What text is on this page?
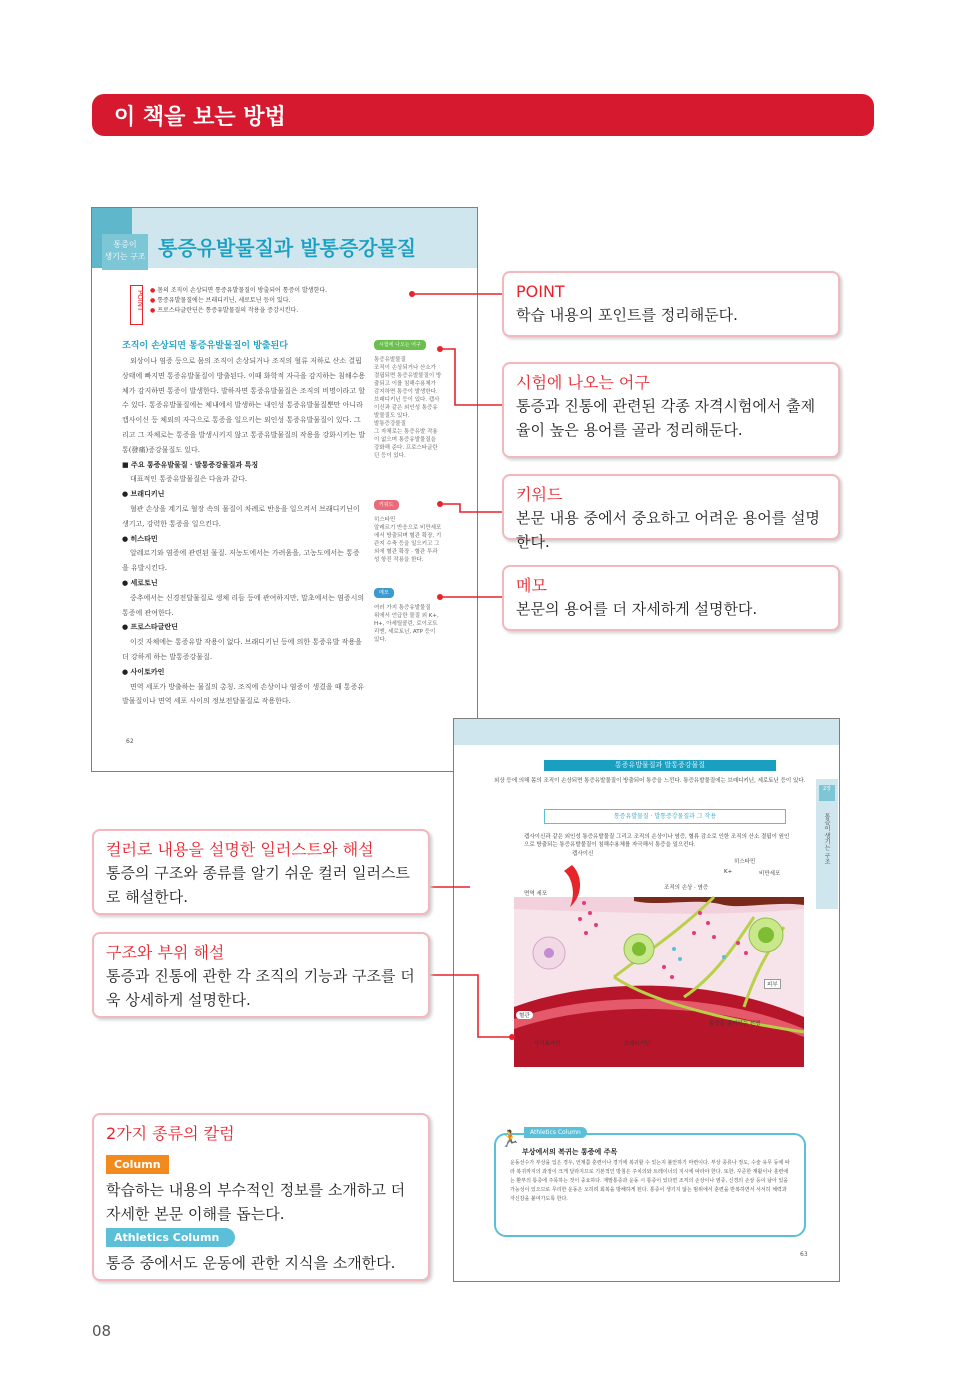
이 책을 보는 방법
통증이
생기는 구조 통증유발물질과 발통증강물질
POINT
●	몸의 조직이 손상되면 통증유발물질이 방출되어 통증이 발생한다.
● 통증유발물질에는 브래디키닌, 세로토닌 등이 있다.
● 프로스타글란딘은 통증유발물질의 작용을 증강시킨다.
조직이 손상되면 통증유발물질이 방출된다
외상이나 염증 등으로 몸의 조직이 손상되거나 조직의 혈류 저하로 산소 결핍 상태에 빠지면 통증유발물질이 방출된다. 이때 화학적 자극을 감지하는 침해수용체가 감지하면 통증이 발생한다. 발하자면 통증유발물질은 조직의 비명이라고 할 수 있다. 통증유발물질에는 체내에서 발생하는 내인성 통증유발물질뿐만 아니라 캡사이신 등 체외의 자극으로 통증을 일으키는 외인성 통증유발물질이 있다. 그리고 그 자체로는 통증을 발생시키지 않고 통증유발물질의 작용을 강화시키는 발통(發痛)증강물질도 있다.
■ 주요 통증유발물질 · 발통증강물질과 특징
대표적인 통증유발물질은 다음과 같다.
● 브래디키닌
혈관 손상을 계기로 혈장 속의 물질이 차례로 반응을 일으켜서 브래디키닌이 생기고, 강력한 통증을 일으킨다.
● 히스타민
알레르기와 염증에 관련된 물질. 저농도에서는 가려움을, 고농도에서는 통증을 유발시킨다.
● 세로토닌
중추에서는 신경전달물질로 생체 리듬 등에 관여하지만, 말초에서는 염증시의 통증에 관여한다.
● 프로스타글란딘
이것 자체에는 통증유발 작용이 없다. 브래디키닌 등에 의한 통증유발 작용을 더 강하게 하는 발통증강물질.
● 사이토카인
면역 세포가 방출하는 물질의 총칭. 조직에 손상이나 염증이 생겼을 때 통증유발물질이나 면역 세포 사이의 정보전달물질로 작용한다.
시험에 나오는 어구
통증유발물질
조직이 손상되거나 산소가 결핍되면 통증유발물질이 방출되고 이를 침해수용체가 감지하면 통증이 발생한다. 브래디키닌 등이 있다. 캡사이신과 같은 외인성 통증유발물질도 있다.
발통증강물질
그 자체로는 통증유발 작용이 없으며 통증유발물질을 강화해 준다. 프로스타글란딘 등이 있다.
키워드
히스타민
알레르기 반응으로 비만세포에서 방출되며 혈관 확장, 기관지 수축 등을 일으키고 그 외에 혈관 확장 · 혈관 투과성 항진 작용을 한다.
메모
여러 가지 통증유발물질
위에서 언급한 물질 외 K+, H+, 아세틸콜린, 로이코트리엔, 세로토닌, ATP 등이 있다.
62
2장
통증이 생기는 구조
통증유발물질과 발통증강물질
외상 등에 의해 몸의 조직이 손상되면 통증유발물질이 방출되어 통증을 느낀다. 통증유발물질에는 브래디키닌, 세로토닌 등이 있다.
통증유발물질 · 발통증강물질과 그 작용
캡사이신과 같은 외인성 통증유발물질 그리고 조직의 손상이나 염증, 혈류 감소로 인한 조직의 산소 결핍이 원인으로 방출되는 통증유발물질이 침해수용체를 자극해서 통증을 일으킨다.
캡사이신
히스타민
K+	비만세포
조직의 손상 · 염증
면역 세포
피부
혈관
통증을 감지하는 신경
사이토카인	브래디키닌
🏃	Athletics Column
부상에서의 복귀는 통증에 주목
운동선수가 부상을 입은 경우, 언제쯤 훈련이나 경기에 복귀할 수 있는지 불안하기 마련이다. 부상 종류나 정도, 수술 유무 등에 따라 복귀까지의 과정이 크게 달라지므로 기본적인 방침은 주치의와 트레이너의 지시에 따라야 한다. 또한, 꾸준한 재활이나 훈련에는 환부의 통증에 주목하는 것이 중요하다. 재발통증과 운동 시 통증이 있다면 조직의 손상이나 염증, 신경의 손상 등이 남아 있을 가능성이 있으므로 무리한 운동은 오히려 회복을 방해하게 된다. 통증이 생기지 않는 범위에서 훈련을 반복하면서 서서히 체력과 자신감을 붙여가도록 한다.
63
POINT
학습 내용의 포인트를 정리해둔다.
시험에 나오는 어구
통증과 진통에 관련된 각종 자격시험에서 출제율이 높은 용어를 골라 정리해둔다.
키워드
본문 내용 중에서 중요하고 어려운 용어를 설명한다.
메모
본문의 용어를 더 자세하게 설명한다.
컬러로 내용을 설명한 일러스트와 해설
통증의 구조와 종류를 알기 쉬운 컬러 일러스트로 해설한다.
구조와 부위 해설
통증과 진통에 관한 각 조직의 기능과 구조를 더욱 상세하게 설명한다.
2가지 종류의 칼럼
Column
학습하는 내용의 부수적인 정보를 소개하고 더 자세한 본문 이해를 돕는다.
Athletics Column
통증 중에서도 운동에 관한 지식을 소개한다.
08
